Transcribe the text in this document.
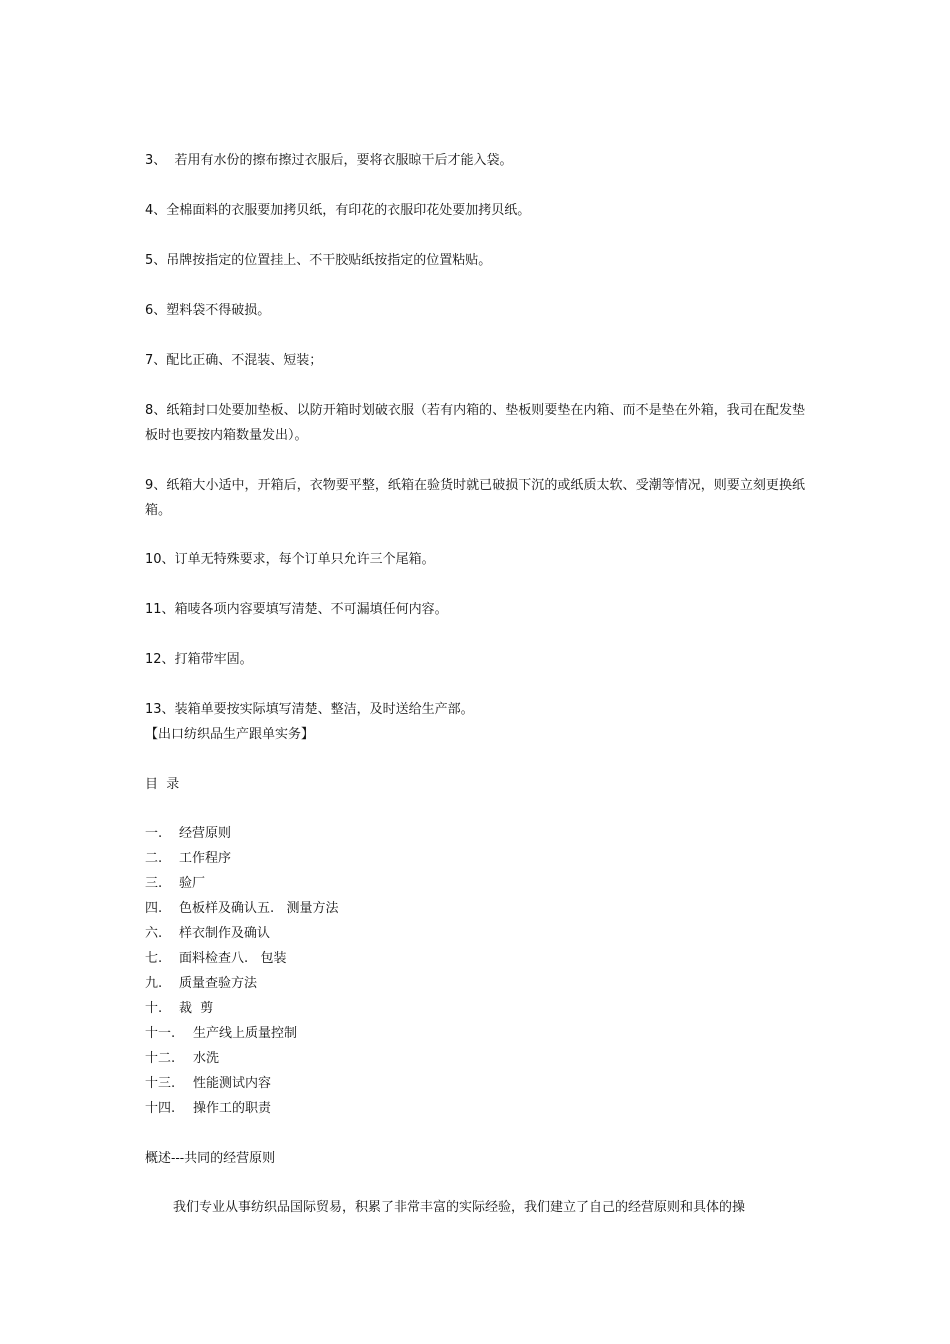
3、  若用有水份的擦布擦过衣服后，要将衣服晾干后才能入袋。
4、全棉面料的衣服要加拷贝纸，有印花的衣服印花处要加拷贝纸。
5、吊牌按指定的位置挂上、不干胶贴纸按指定的位置粘贴。
6、塑料袋不得破损。
7、配比正确、不混装、短装；
8、纸箱封口处要加垫板、以防开箱时划破衣服（若有内箱的、垫板则要垫在内箱、而不是垫在外箱，我司在配发垫板时也要按内箱数量发出）。
9、纸箱大小适中，开箱后，衣物要平整，纸箱在验货时就已破损下沉的或纸质太软、受潮等情况，则要立刻更换纸箱。
10、订单无特殊要求，每个订单只允许三个尾箱。
11、箱唛各项内容要填写清楚、不可漏填任何内容。
12、打箱带牢固。
13、装箱单要按实际填写清楚、整洁，及时送给生产部。
【出口纺织品生产跟单实务】
目  录
一. 经营原则
二. 工作程序
三. 验厂
四. 色板样及确认五.   测量方法
六. 样衣制作及确认
七. 面料检查八.   包装
九. 质量查验方法
十. 裁  剪
十一. 生产线上质量控制
十二. 水洗
十三. 性能测试内容
十四. 操作工的职责
概述---共同的经营原则
我们专业从事纺织品国际贸易，积累了非常丰富的实际经验，我们建立了自己的经营原则和具体的操
